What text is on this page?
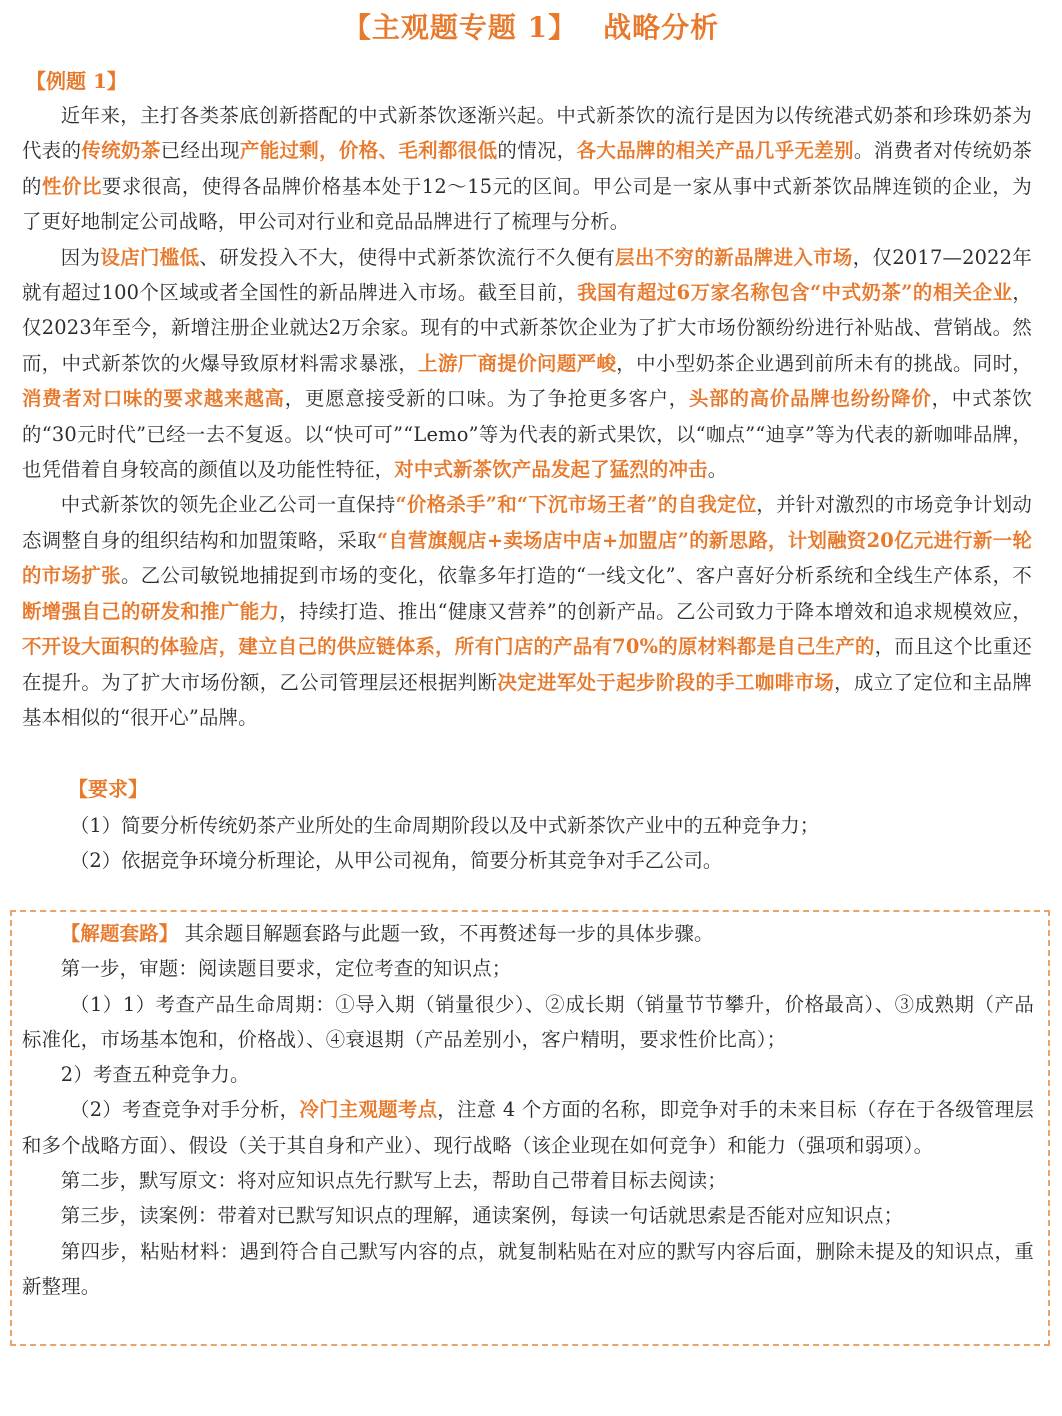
【主观题专题 1】 战略分析
【例题 1】

近年来，主打各类茶底创新搭配的中式新茶饮逐渐兴起。中式新茶饮的流行是因为以传统港式奶茶和珍珠奶茶为代表的传统奶茶已经出现产能过剩，价格、毛利都很低的情况，各大品牌的相关产品几乎无差别。消费者对传统奶茶的性价比要求很高，使得各品牌价格基本处于12～15元的区间。甲公司是一家从事中式新茶饮品牌连锁的企业，为了更好地制定公司战略，甲公司对行业和竞品品牌进行了梳理与分析。

因为设店门槛低、研发投入不大，使得中式新茶饮流行不久便有层出不穷的新品牌进入市场，仅2017—2022年就有超过100个区域或者全国性的新品牌进入市场。截至目前，我国有超过6万家名称包含“中式奶茶”的相关企业，仅2023年至今，新增注册企业就达2万余家。现有的中式新茶饮企业为了扩大市场份额纷纷进行补贴战、营销战。然而，中式新茶饮的火爆导致原材料需求暴涨，上游厂商提价问题严峻，中小型奶茶企业遇到前所未有的挑战。同时，消费者对口味的要求越来越高，更愿意接受新的口味。为了争抢更多客户，头部的高价品牌也纷纷降价，中式茶饮的“30元时代”已经一去不复返。以“快可可”“Lemo”等为代表的新式果饮，以“咖点”“迪享”等为代表的新咖啡品牌，也凭借着自身较高的颜值以及功能性特征，对中式新茶饮产品发起了猛烈的冲击。

中式新茶饮的领先企业乙公司一直保持“价格杀手”和“下沉市场王者”的自我定位，并针对激烈的市场竞争计划动态调整自身的组织结构和加盟策略，采取“自营旗舰店+卖场店中店+加盟店”的新思路，计划融资20亿元进行新一轮的市场扩张。乙公司敏锐地捕捉到市场的变化，依靠多年打造的“一线文化”、客户喜好分析系统和全线生产体系，不断增强自己的研发和推广能力，持续打造、推出“健康又营养”的创新产品。乙公司致力于降本增效和追求规模效应，不开设大面积的体验店，建立自己的供应链体系，所有门店的产品有70%的原材料都是自己生产的，而且这个比重还在提升。为了扩大市场份额，乙公司管理层还根据判断决定进军处于起步阶段的手工咖啡市场，成立了定位和主品牌基本相似的“很开心”品牌。

【要求】

（1）简要分析传统奶茶产业所处的生命周期阶段以及中式新茶饮产业中的五种竞争力；

（2）依据竞争环境分析理论，从甲公司视角，简要分析其竞争对手乙公司。

【解题套路】 其余题目解题套路与此题一致，不再赘述每一步的具体步骤。

第一步，审题：阅读题目要求，定位考查的知识点；

（1）1）考查产品生命周期：①导入期（销量很少）、②成长期（销量节节攀升，价格最高）、③成熟期（产品标准化，市场基本饱和，价格战）、④衰退期（产品差别小，客户精明，要求性价比高）；

2）考查五种竞争力。

（2）考查竞争对手分析，冷门主观题考点，注意 4 个方面的名称，即竞争对手的未来目标（存在于各级管理层和多个战略方面）、假设（关于其自身和产业）、现行战略（该企业现在如何竞争）和能力（强项和弱项）。

第二步，默写原文：将对应知识点先行默写上去，帮助自己带着目标去阅读；

第三步，读案例：带着对已默写知识点的理解，通读案例，每读一句话就思索是否能对应知识点；

第四步，粘贴材料：遇到符合自己默写内容的点，就复制粘贴在对应的默写内容后面，删除未提及的知识点，重新整理。
